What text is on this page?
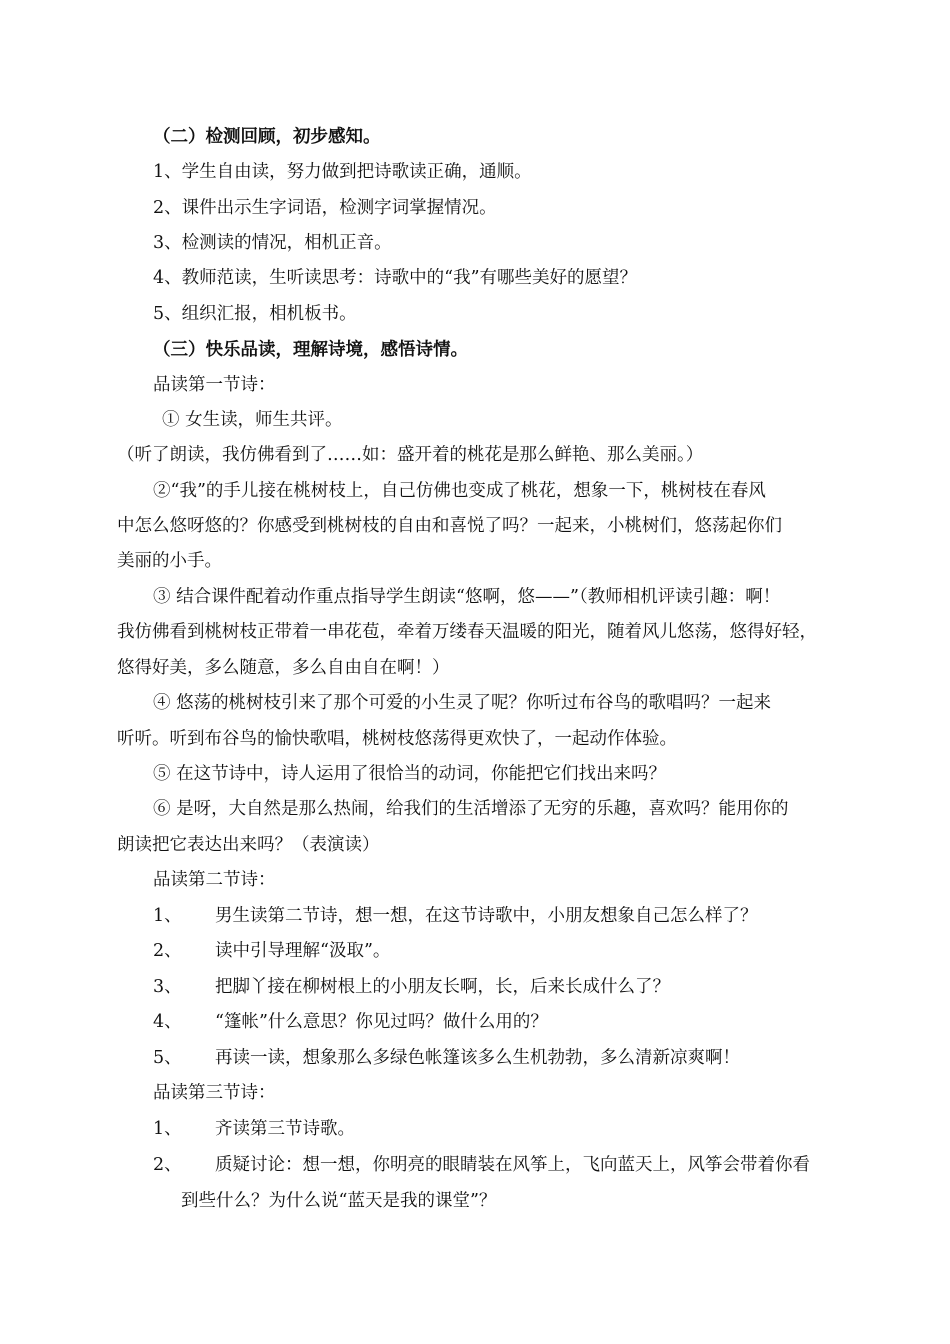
（二）检测回顾，初步感知。

1、学生自由读，努力做到把诗歌读正确，通顺。

2、课件出示生字词语，检测字词掌握情况。

3、检测读的情况，相机正音。

4、教师范读，生听读思考：诗歌中的“我”有哪些美好的愿望？

5、组织汇报，相机板书。

（三）快乐品读，理解诗境，感悟诗情。

品读第一节诗：

① 女生读，师生共评。

（听了朗读，我仿佛看到了……如：盛开着的桃花是那么鲜艳、那么美丽。）

②“我”的手儿接在桃树枝上，自己仿佛也变成了桃花，想象一下，桃树枝在春风

中怎么悠呀悠的？你感受到桃树枝的自由和喜悦了吗？一起来，小桃树们，悠荡起你们

美丽的小手。

③ 结合课件配着动作重点指导学生朗读“悠啊，悠——”（教师相机评读引趣：啊！

我仿佛看到桃树枝正带着一串花苞，牵着万缕春天温暖的阳光，随着风儿悠荡，悠得好轻，

悠得好美，多么随意，多么自由自在啊！）

④ 悠荡的桃树枝引来了那个可爱的小生灵了呢？你听过布谷鸟的歌唱吗？一起来

听听。听到布谷鸟的愉快歌唱，桃树枝悠荡得更欢快了，一起动作体验。

⑤ 在这节诗中，诗人运用了很恰当的动词，你能把它们找出来吗？

⑥ 是呀，大自然是那么热闹，给我们的生活增添了无穷的乐趣，喜欢吗？能用你的

朗读把它表达出来吗？（表演读）

品读第二节诗：

1、 男生读第二节诗，想一想，在这节诗歌中，小朋友想象自己怎么样了？

2、 读中引导理解“汲取”。

3、 把脚丫接在柳树根上的小朋友长啊，长，后来长成什么了？

4、 “篷帐”什么意思？你见过吗？做什么用的？

5、 再读一读，想象那么多绿色帐篷该多么生机勃勃，多么清新凉爽啊！

品读第三节诗：

1、 齐读第三节诗歌。

2、 质疑讨论：想一想，你明亮的眼睛装在风筝上，飞向蓝天上，风筝会带着你看

到些什么？为什么说“蓝天是我的课堂”？
